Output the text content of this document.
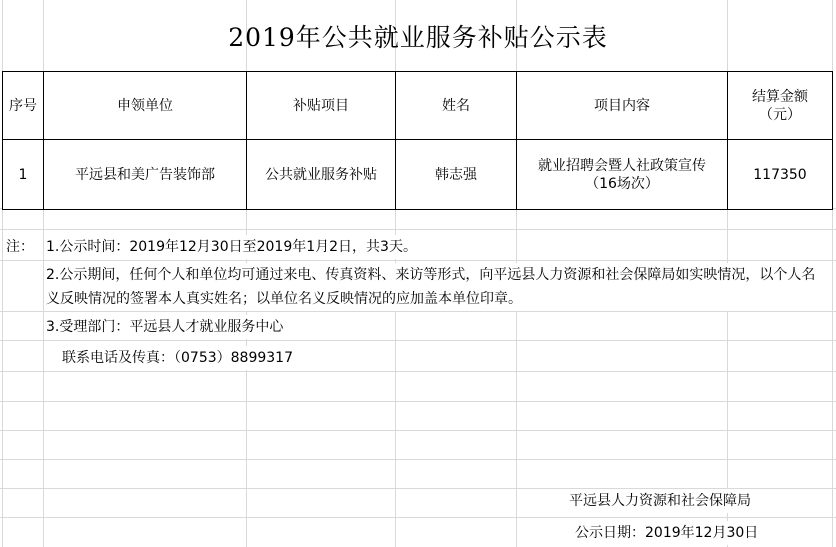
2019年公共就业服务补贴公示表
序号	申领单位	补贴项目	姓名	项目内容	结算金额（元）
1	平远县和美广告装饰部	公共就业服务补贴	韩志强	就业招聘会暨人社政策宣传（16场次）	117350
注： 1.公示时间：2019年12月30日至2019年1月2日，共3天。
2.公示期间，任何个人和单位均可通过来电、传真资料、来访等形式，向平远县人力资源和社会保障局如实映情况，以个人名义反映情况的签署本人真实姓名；以单位名义反映情况的应加盖本单位印章。
3.受理部门：平远县人才就业服务中心
联系电话及传真：（0753）8899317
平远县人力资源和社会保障局
公示日期：2019年12月30日
